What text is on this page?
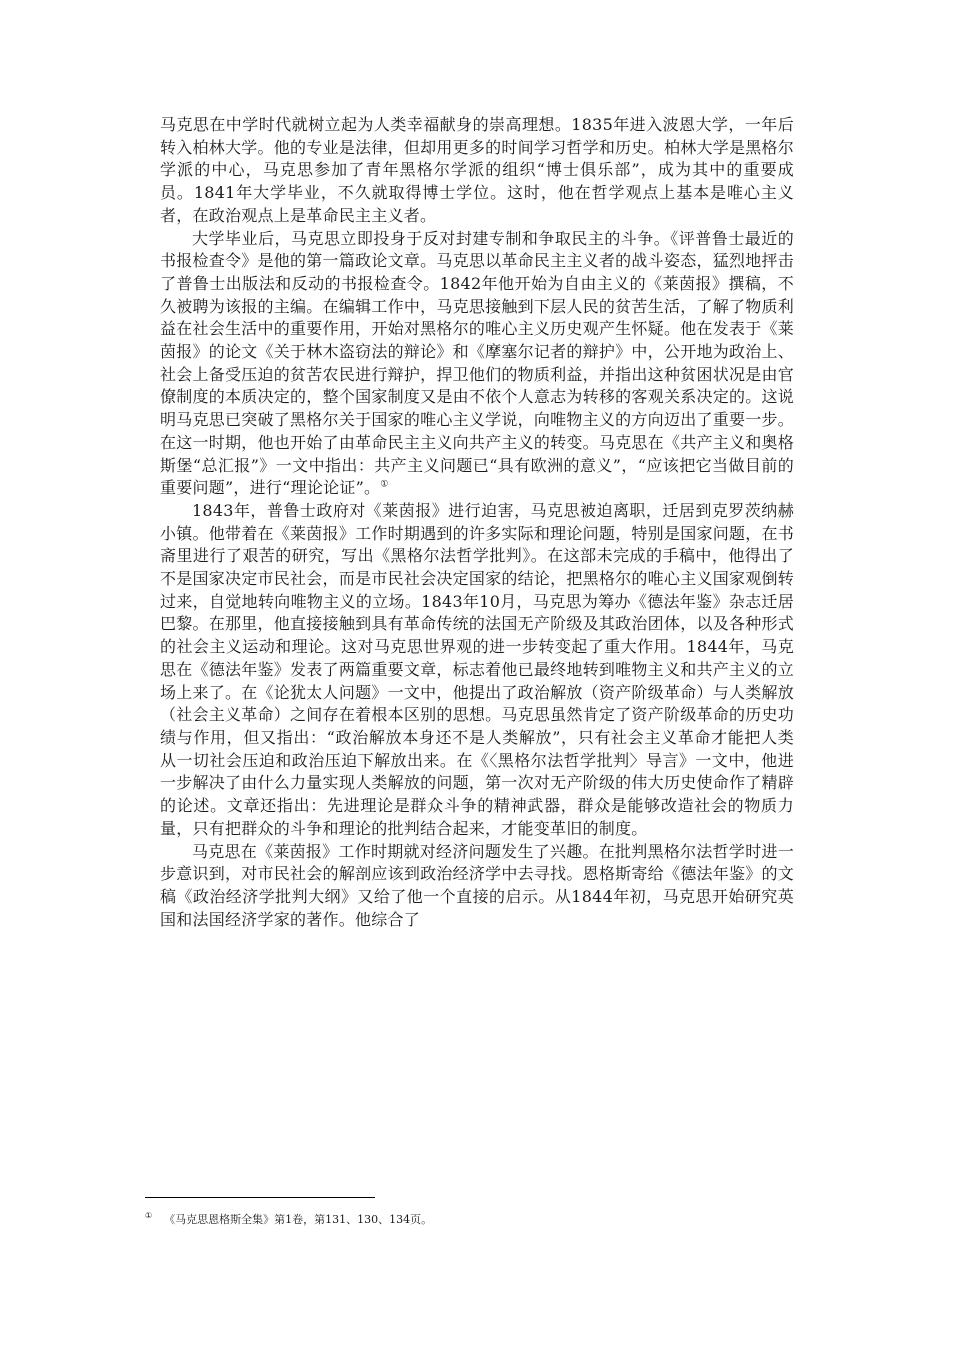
马克思在中学时代就树立起为人类幸福献身的崇高理想。1835年进入波恩大学，一年后转入柏林大学。他的专业是法律，但却用更多的时间学习哲学和历史。柏林大学是黑格尔学派的中心，马克思参加了青年黑格尔学派的组织“博士俱乐部”，成为其中的重要成员。1841年大学毕业，不久就取得博士学位。这时，他在哲学观点上基本是唯心主义者，在政治观点上是革命民主主义者。

大学毕业后，马克思立即投身于反对封建专制和争取民主的斗争。《评普鲁士最近的书报检查令》是他的第一篇政论文章。马克思以革命民主主义者的战斗姿态，猛烈地抨击了普鲁士出版法和反动的书报检查令。1842年他开始为自由主义的《莱茵报》撰稿，不久被聘为该报的主编。在编辑工作中，马克思接触到下层人民的贫苦生活，了解了物质利益在社会生活中的重要作用，开始对黑格尔的唯心主义历史观产生怀疑。他在发表于《莱茵报》的论文《关于林木盗窃法的辩论》和《摩塞尔记者的辩护》中，公开地为政治上、社会上备受压迫的贫苦农民进行辩护，捍卫他们的物质利益，并指出这种贫困状况是由官僚制度的本质决定的，整个国家制度又是由不依个人意志为转移的客观关系决定的。这说明马克思已突破了黑格尔关于国家的唯心主义学说，向唯物主义的方向迈出了重要一步。在这一时期，他也开始了由革命民主主义向共产主义的转变。马克思在《共产主义和奥格斯堡“总汇报”》一文中指出：共产主义问题已“具有欧洲的意义”，“应该把它当做目前的重要问题”，进行“理论论证”。①

1843年，普鲁士政府对《莱茵报》进行迫害，马克思被迫离职，迁居到克罗茨纳赫小镇。他带着在《莱茵报》工作时期遇到的许多实际和理论问题，特别是国家问题，在书斋里进行了艰苦的研究，写出《黑格尔法哲学批判》。在这部未完成的手稿中，他得出了不是国家决定市民社会，而是市民社会决定国家的结论，把黑格尔的唯心主义国家观倒转过来，自觉地转向唯物主义的立场。1843年10月，马克思为筹办《德法年鉴》杂志迁居巴黎。在那里，他直接接触到具有革命传统的法国无产阶级及其政治团体，以及各种形式的社会主义运动和理论。这对马克思世界观的进一步转变起了重大作用。1844年，马克思在《德法年鉴》发表了两篇重要文章，标志着他已最终地转到唯物主义和共产主义的立场上来了。在《论犹太人问题》一文中，他提出了政治解放（资产阶级革命）与人类解放（社会主义革命）之间存在着根本区别的思想。马克思虽然肯定了资产阶级革命的历史功绩与作用，但又指出：“政治解放本身还不是人类解放”，只有社会主义革命才能把人类从一切社会压迫和政治压迫下解放出来。在《〈黑格尔法哲学批判〉导言》一文中，他进一步解决了由什么力量实现人类解放的问题，第一次对无产阶级的伟大历史使命作了精辟的论述。文章还指出：先进理论是群众斗争的精神武器，群众是能够改造社会的物质力量，只有把群众的斗争和理论的批判结合起来，才能变革旧的制度。

马克思在《莱茵报》工作时期就对经济问题发生了兴趣。在批判黑格尔法哲学时进一步意识到，对市民社会的解剖应该到政治经济学中去寻找。恩格斯寄给《德法年鉴》的文稿《政治经济学批判大纲》又给了他一个直接的启示。从1844年初，马克思开始研究英国和法国经济学家的著作。他综合了

① 《马克思恩格斯全集》第1卷，第131、130、134页。
